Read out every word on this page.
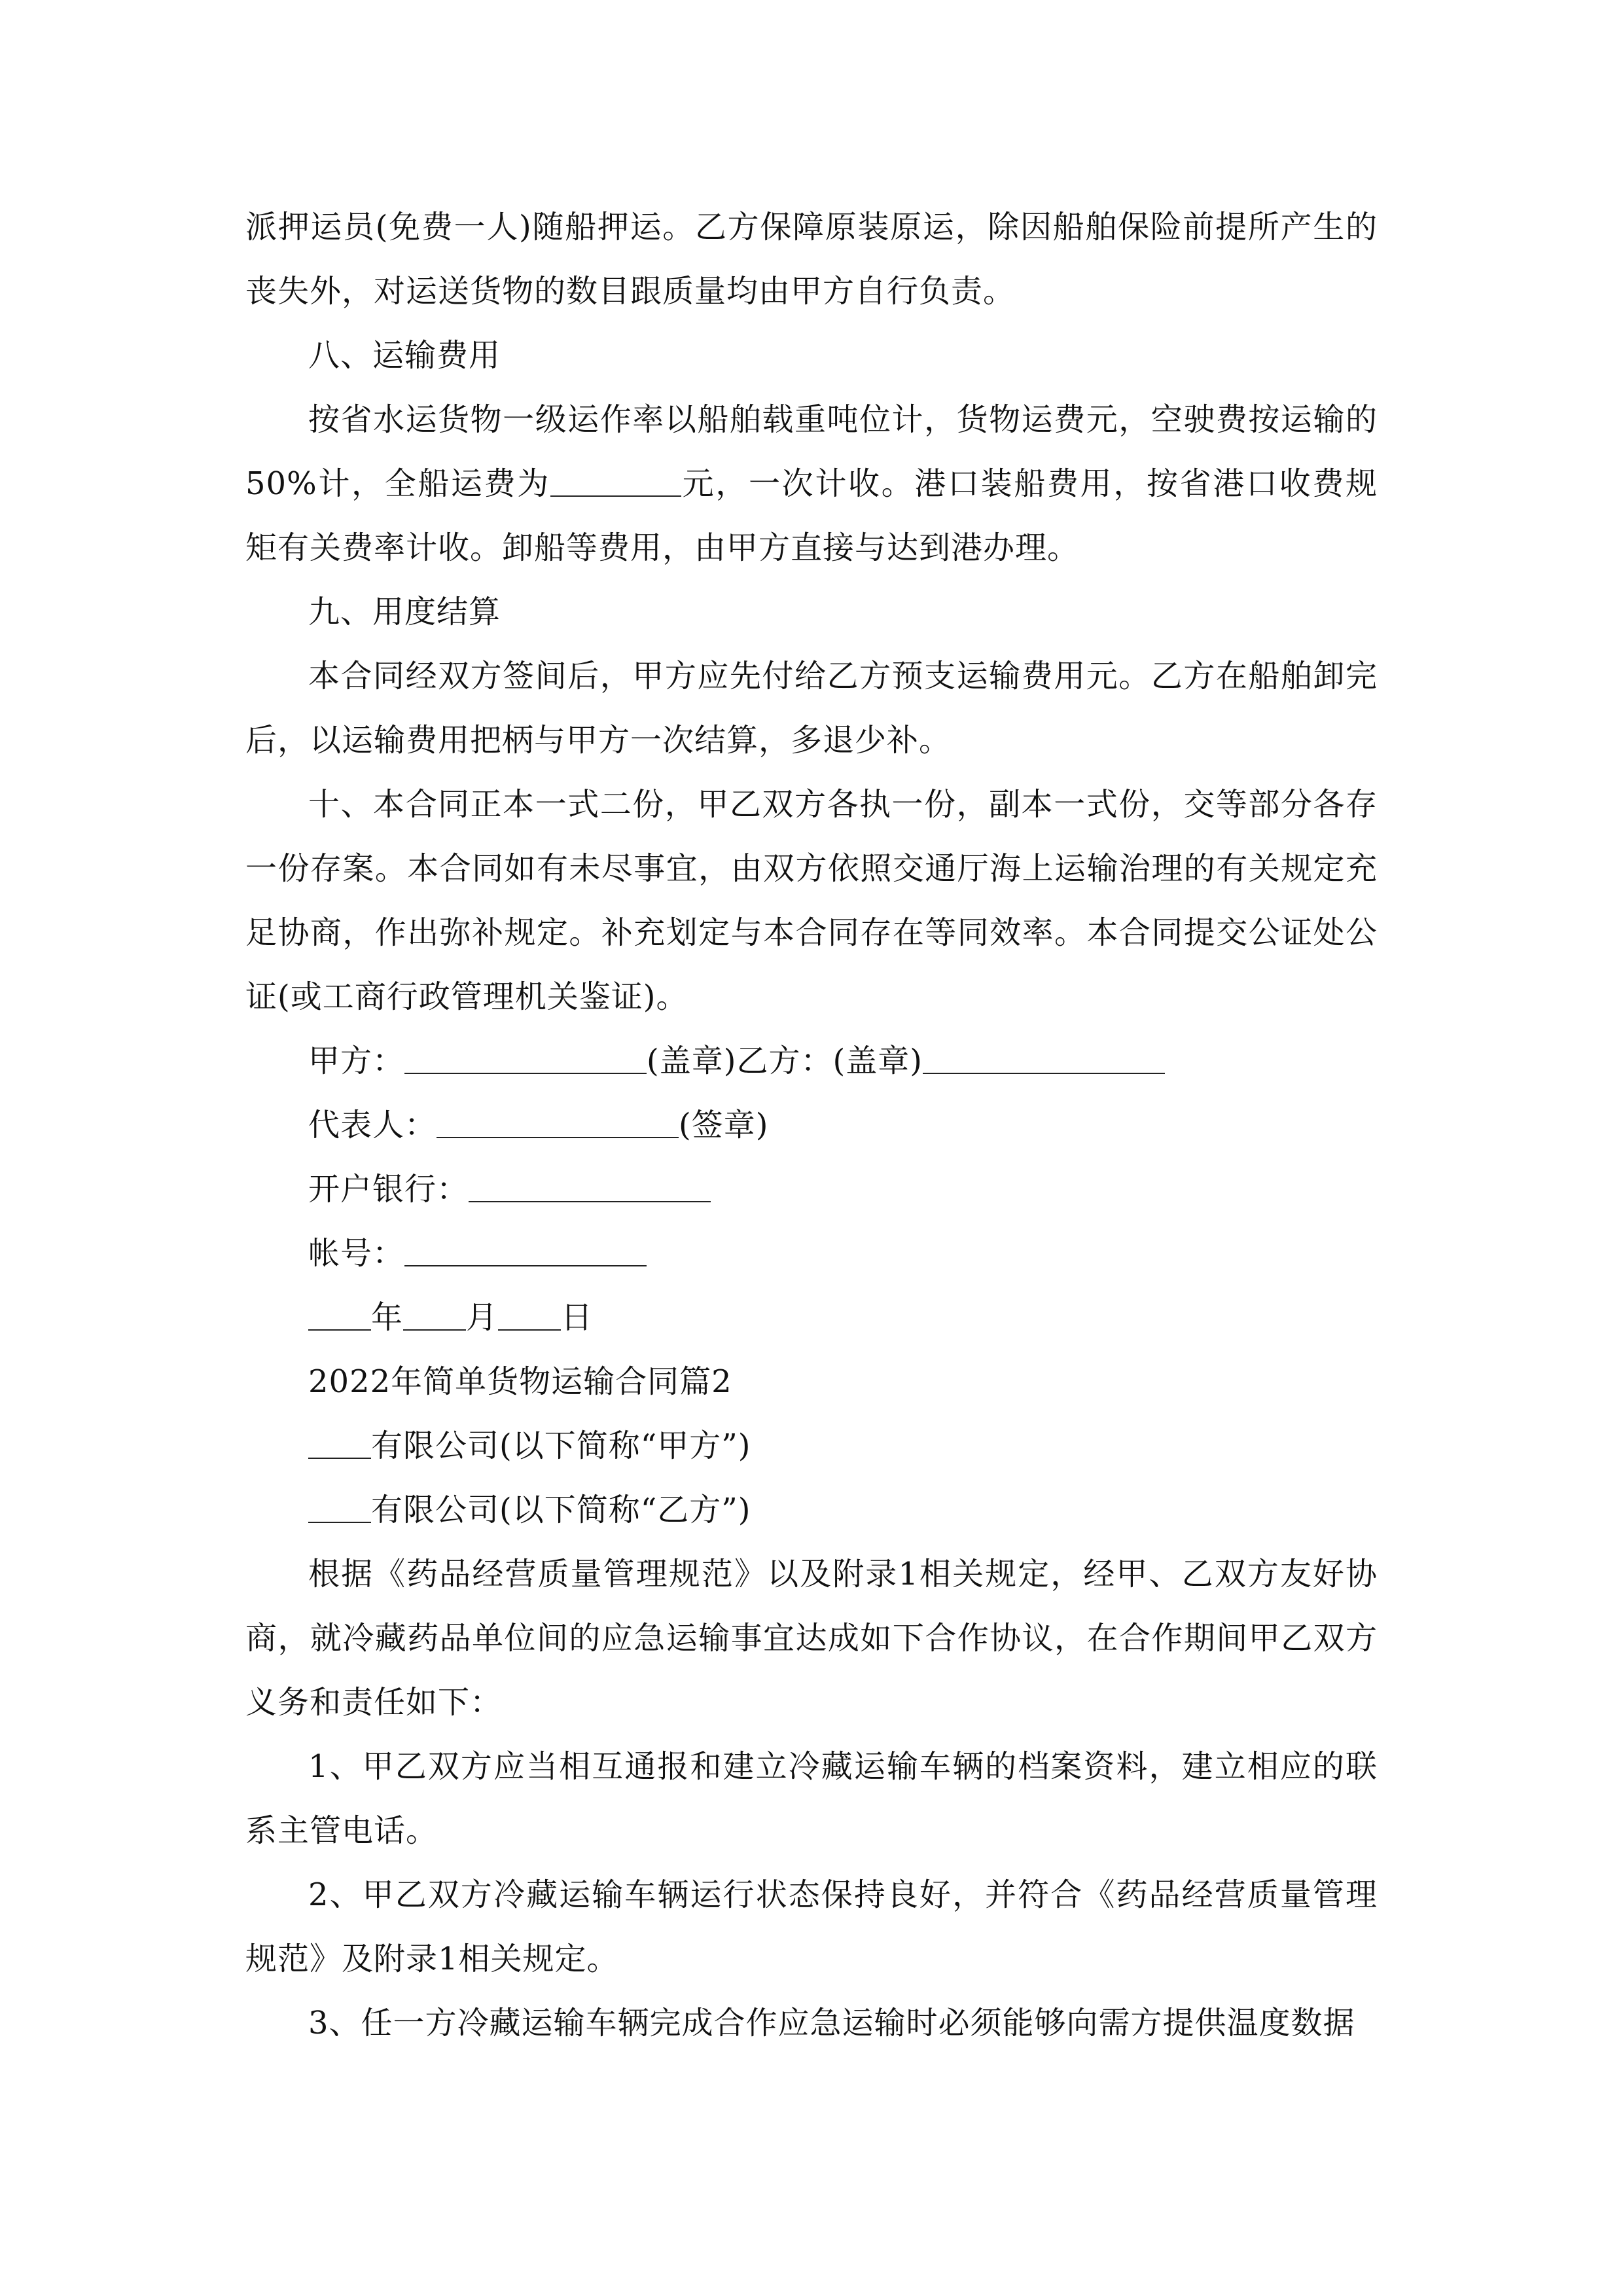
派押运员(免费一人)随船押运。乙方保障原装原运，除因船舶保险前提所产生的丧失外，对运送货物的数目跟质量均由甲方自行负责。

八、运输费用

按省水运货物一级运作率以船舶载重吨位计，货物运费元，空驶费按运输的50%计，全船运费为	元，一次计收。港口装船费用，按省港口收费规矩有关费率计收。卸船等费用，由甲方直接与达到港办理。

九、用度结算

本合同经双方签间后，甲方应先付给乙方预支运输费用元。乙方在船舶卸完后，以运输费用把柄与甲方一次结算，多退少补。

十、本合同正本一式二份，甲乙双方各执一份，副本一式份，交等部分各存一份存案。本合同如有未尽事宜，由双方依照交通厅海上运输治理的有关规定充足协商，作出弥补规定。补充划定与本合同存在等同效率。本合同提交公证处公证(或工商行政管理机关鉴证)。

甲方：	(盖章)乙方：(盖章)

代表人：	(签章)

开户银行：

帐号：

年 月 日

2022年简单货物运输合同篇2

有限公司(以下简称“甲方”)

有限公司(以下简称“乙方”)

根据《药品经营质量管理规范》以及附录1相关规定，经甲、乙双方友好协商，就冷藏药品单位间的应急运输事宜达成如下合作协议，在合作期间甲乙双方义务和责任如下：

1、甲乙双方应当相互通报和建立冷藏运输车辆的档案资料，建立相应的联系主管电话。

2、甲乙双方冷藏运输车辆运行状态保持良好，并符合《药品经营质量管理规范》及附录1相关规定。

3、任一方冷藏运输车辆完成合作应急运输时必须能够向需方提供温度数据
